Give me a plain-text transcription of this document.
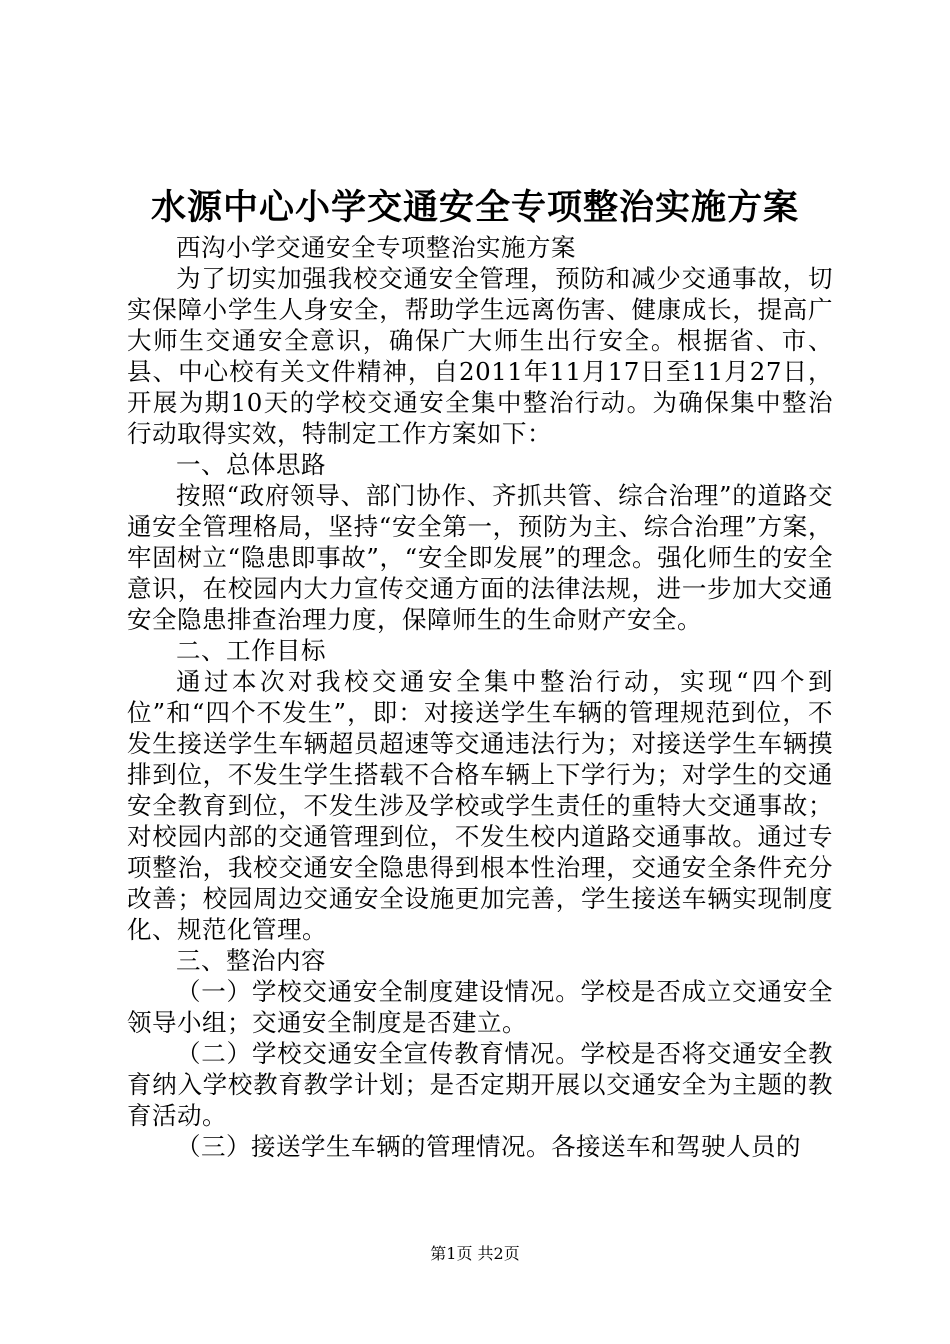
水源中心小学交通安全专项整治实施方案

西沟小学交通安全专项整治实施方案

为了切实加强我校交通安全管理，预防和减少交通事故，切实保障小学生人身安全，帮助学生远离伤害、健康成长，提高广大师生交通安全意识，确保广大师生出行安全。根据省、市、县、中心校有关文件精神，自2011年11月17日至11月27日，开展为期10天的学校交通安全集中整治行动。为确保集中整治行动取得实效，特制定工作方案如下：

一、总体思路

按照“政府领导、部门协作、齐抓共管、综合治理”的道路交通安全管理格局，坚持“安全第一，预防为主、综合治理”方案，牢固树立“隐患即事故”，“安全即发展”的理念。强化师生的安全意识，在校园内大力宣传交通方面的法律法规，进一步加大交通安全隐患排查治理力度，保障师生的生命财产安全。

二、工作目标

通过本次对我校交通安全集中整治行动，实现“四个到位”和“四个不发生”，即：对接送学生车辆的管理规范到位，不发生接送学生车辆超员超速等交通违法行为；对接送学生车辆摸排到位，不发生学生搭载不合格车辆上下学行为；对学生的交通安全教育到位，不发生涉及学校或学生责任的重特大交通事故；对校园内部的交通管理到位，不发生校内道路交通事故。通过专项整治，我校交通安全隐患得到根本性治理，交通安全条件充分改善；校园周边交通安全设施更加完善，学生接送车辆实现制度化、规范化管理。

三、整治内容

（一）学校交通安全制度建设情况。学校是否成立交通安全领导小组；交通安全制度是否建立。

（二）学校交通安全宣传教育情况。学校是否将交通安全教育纳入学校教育教学计划；是否定期开展以交通安全为主题的教育活动。

（三）接送学生车辆的管理情况。各接送车和驾驶人员的

第1页 共2页
